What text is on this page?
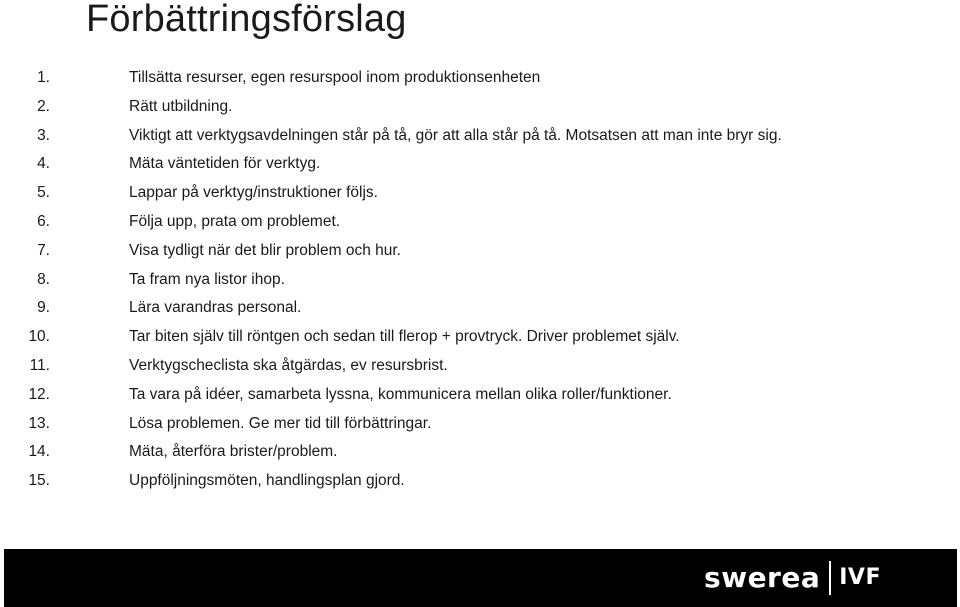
Förbättringsförslag
1.	Tillsätta resurser, egen resurspool inom produktionsenheten
2.	Rätt utbildning.
3.	Viktigt att verktygsavdelningen står på tå, gör att alla står på tå. Motsatsen att man inte bryr sig.
4.	Mäta väntetiden för verktyg.
5.	Lappar på verktyg/instruktioner följs.
6.	Följa upp, prata om problemet.
7.	Visa tydligt när det blir problem och hur.
8.	Ta fram nya listor ihop.
9.	Lära varandras personal.
10.	Tar biten själv till röntgen och sedan till flerop + provtryck. Driver problemet själv.
11.	Verktygscheclista ska åtgärdas, ev resursbrist.
12.	Ta vara på idéer, samarbeta lyssna, kommunicera mellan olika roller/funktioner.
13.	Lösa problemen. Ge mer tid till förbättringar.
14.	Mäta, återföra brister/problem.
15.	Uppföljningsmöten, handlingsplan gjord.
swerea IVF
